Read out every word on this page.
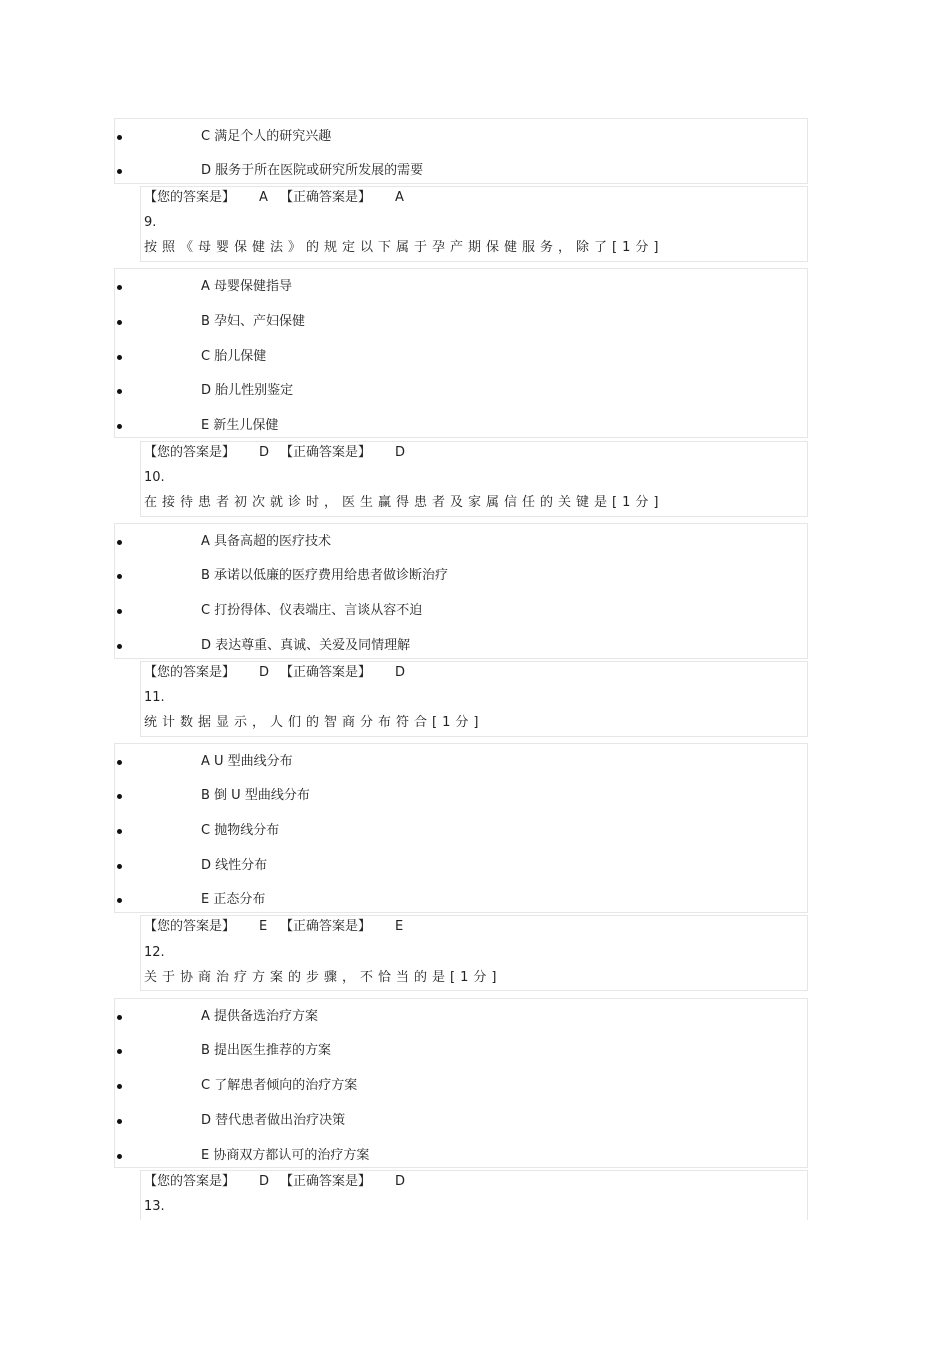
C 满足个人的研究兴趣
D 服务于所在医院或研究所发展的需要
【您的答案是】 A 【正确答案是】 A
9.
按照《母婴保健法》的规定以下属于孕产期保健服务，除了[1分]
A 母婴保健指导
B 孕妇、产妇保健
C 胎儿保健
D 胎儿性别鉴定
E 新生儿保健
【您的答案是】 D 【正确答案是】 D
10.
在接待患者初次就诊时，医生赢得患者及家属信任的关键是[1分]
A 具备高超的医疗技术
B 承诺以低廉的医疗费用给患者做诊断治疗
C 打扮得体、仪表端庄、言谈从容不迫
D 表达尊重、真诚、关爱及同情理解
【您的答案是】 D 【正确答案是】 D
11.
统计数据显示，人们的智商分布符合[1分]
A U 型曲线分布
B 倒 U 型曲线分布
C 抛物线分布
D 线性分布
E 正态分布
【您的答案是】 E 【正确答案是】 E
12.
关于协商治疗方案的步骤，不恰当的是[1分]
A 提供备选治疗方案
B 提出医生推荐的方案
C 了解患者倾向的治疗方案
D 替代患者做出治疗决策
E 协商双方都认可的治疗方案
【您的答案是】 D 【正确答案是】 D
13.
